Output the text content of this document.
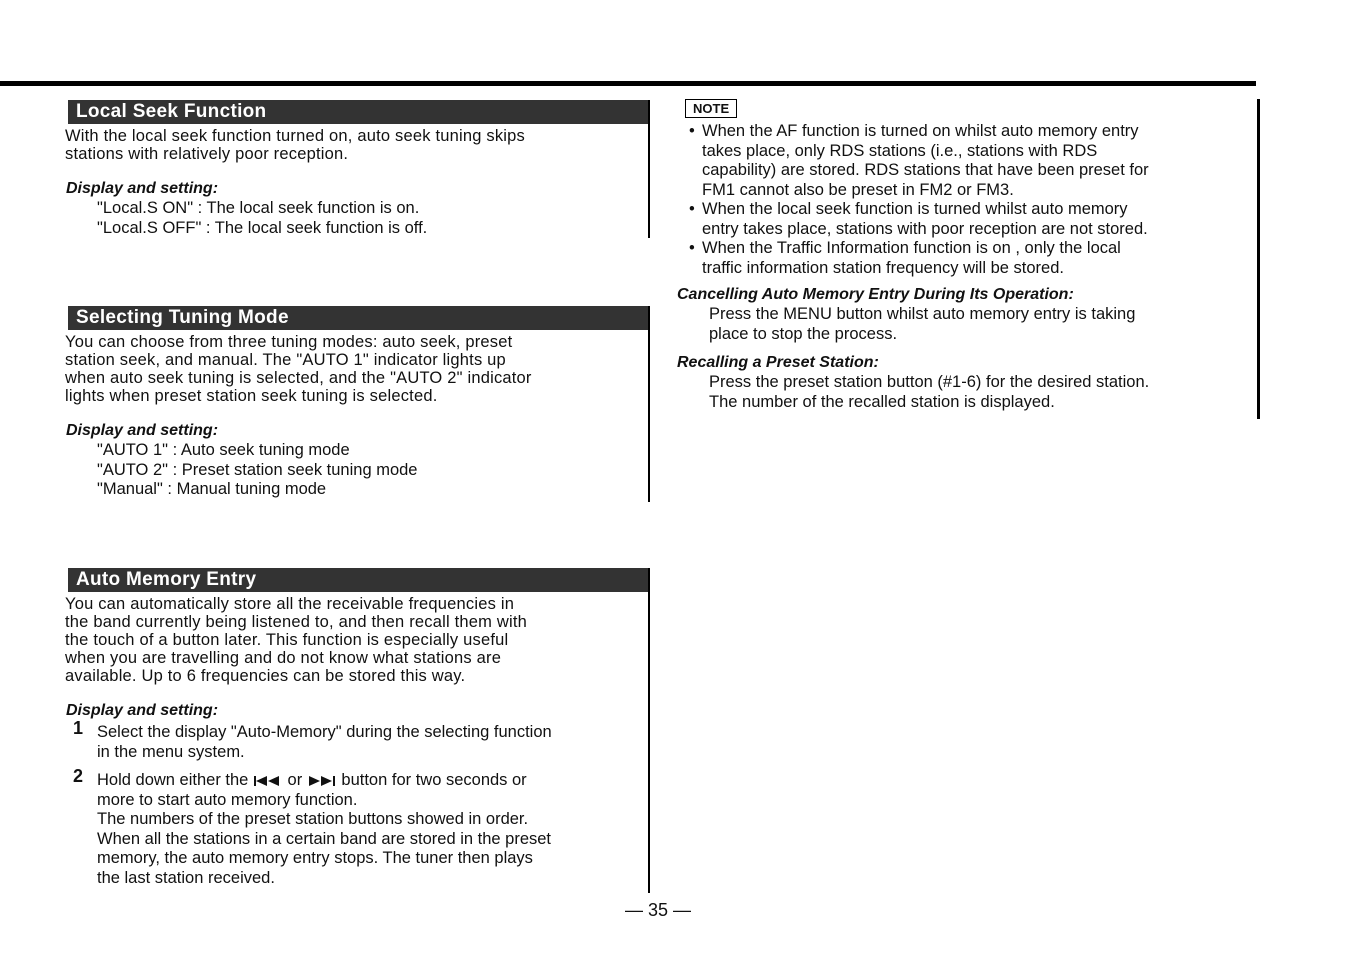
Local Seek Function
With the local seek function turned on, auto seek tuning skips
stations with relatively poor reception.
Display and setting:
"Local.S ON" : The local seek function is on.
"Local.S OFF" : The local seek function is off.
Selecting Tuning Mode
You can choose from three tuning modes: auto seek, preset
station seek, and manual. The "AUTO 1" indicator lights up
when auto seek tuning is selected, and the "AUTO 2" indicator
lights when preset station seek tuning is selected.
Display and setting:
"AUTO 1" : Auto seek tuning mode
"AUTO 2" : Preset station seek tuning mode
"Manual" : Manual tuning mode
Auto Memory Entry
You can automatically store all the receivable frequencies in
the band currently being listened to, and then recall them with
the touch of a button later. This function is especially useful
when you are travelling and do not know what stations are
available. Up to 6 frequencies can be stored this way.
Display and setting:
1 Select the display "Auto-Memory" during the selecting function
in the menu system.
2 Hold down either the or button for two seconds or
more to start auto memory function.
The numbers of the preset station buttons showed in order.
When all the stations in a certain band are stored in the preset
memory, the auto memory entry stops. The tuner then plays
the last station received.
NOTE
• When the AF function is turned on whilst auto memory entry
takes place, only RDS stations (i.e., stations with RDS
capability) are stored. RDS stations that have been preset for
FM1 cannot also be preset in FM2 or FM3.
• When the local seek function is turned whilst auto memory
entry takes place, stations with poor reception are not stored.
• When the Traffic Information function is on , only the local
traffic information station frequency will be stored.
Cancelling Auto Memory Entry During Its Operation:
Press the MENU button whilst auto memory entry is taking
place to stop the process.
Recalling a Preset Station:
Press the preset station button (#1-6) for the desired station.
The number of the recalled station is displayed.
— 35 —
